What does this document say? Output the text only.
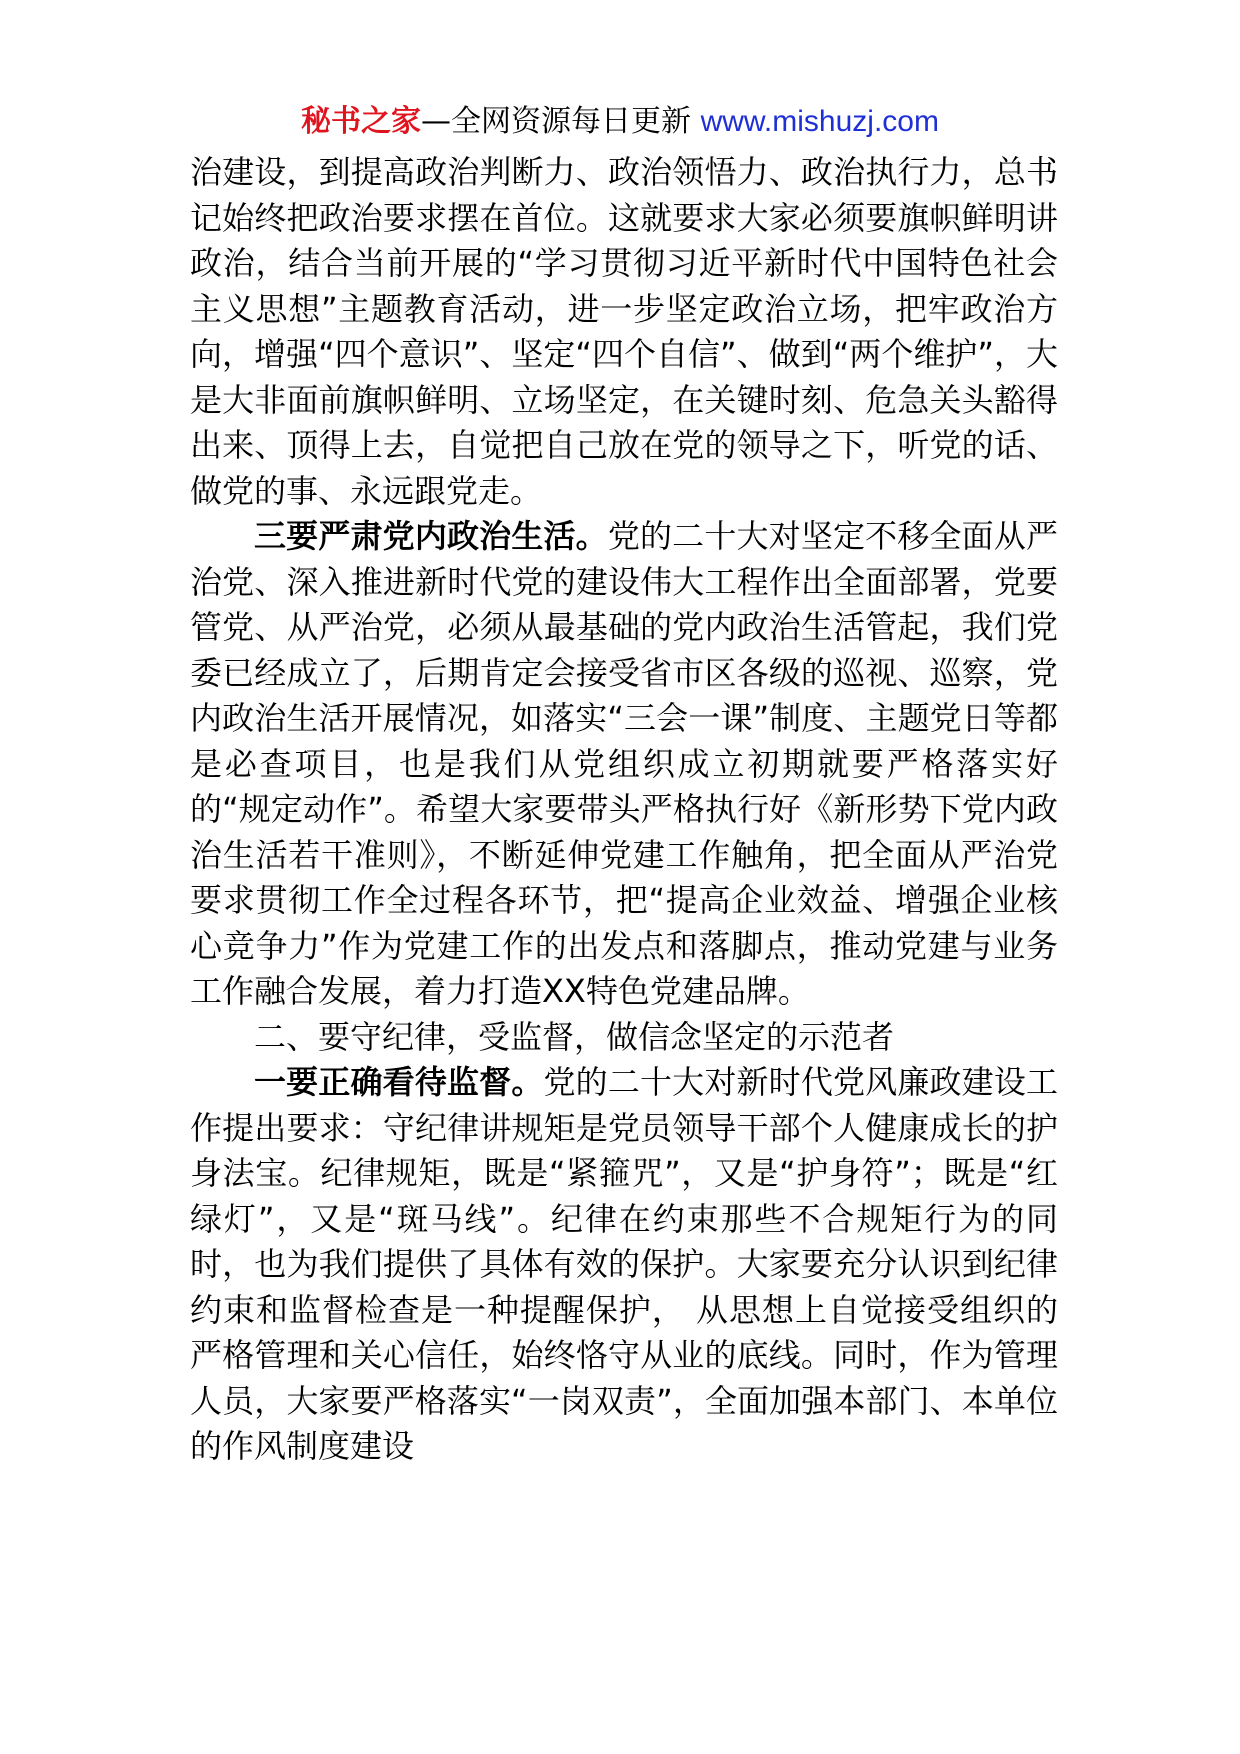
秘书之家—全网资源每日更新 www.mishuzj.com

治建设，到提高政治判断力、政治领悟力、政治执行力，总书记始终把政治要求摆在首位。这就要求大家必须要旗帜鲜明讲政治，结合当前开展的“学习贯彻习近平新时代中国特色社会主义思想”主题教育活动，进一步坚定政治立场，把牢政治方向，增强“四个意识”、坚定“四个自信”、做到“两个维护”，大是大非面前旗帜鲜明、立场坚定，在关键时刻、危急关头豁得出来、顶得上去，自觉把自己放在党的领导之下，听党的话、做党的事、永远跟党走。

三要严肃党内政治生活。党的二十大对坚定不移全面从严治党、深入推进新时代党的建设伟大工程作出全面部署，党要管党、从严治党，必须从最基础的党内政治生活管起，我们党委已经成立了，后期肯定会接受省市区各级的巡视、巡察，党内政治生活开展情况，如落实“三会一课”制度、主题党日等都是必查项目，也是我们从党组织成立初期就要严格落实好的“规定动作”。希望大家要带头严格执行好《新形势下党内政治生活若干准则》，不断延伸党建工作触角，把全面从严治党要求贯彻工作全过程各环节，把“提高企业效益、增强企业核心竞争力”作为党建工作的出发点和落脚点，推动党建与业务工作融合发展，着力打造XX特色党建品牌。

二、要守纪律，受监督，做信念坚定的示范者

一要正确看待监督。党的二十大对新时代党风廉政建设工作提出要求：守纪律讲规矩是党员领导干部个人健康成长的护身法宝。纪律规矩，既是“紧箍咒”，又是“护身符”；既是“红绿灯”，又是“斑马线”。纪律在约束那些不合规矩行为的同时，也为我们提供了具体有效的保护。大家要充分认识到纪律约束和监督检查是一种提醒保护， 从思想上自觉接受组织的严格管理和关心信任，始终恪守从业的底线。同时，作为管理人员，大家要严格落实“一岗双责”，全面加强本部门、本单位的作风制度建设
